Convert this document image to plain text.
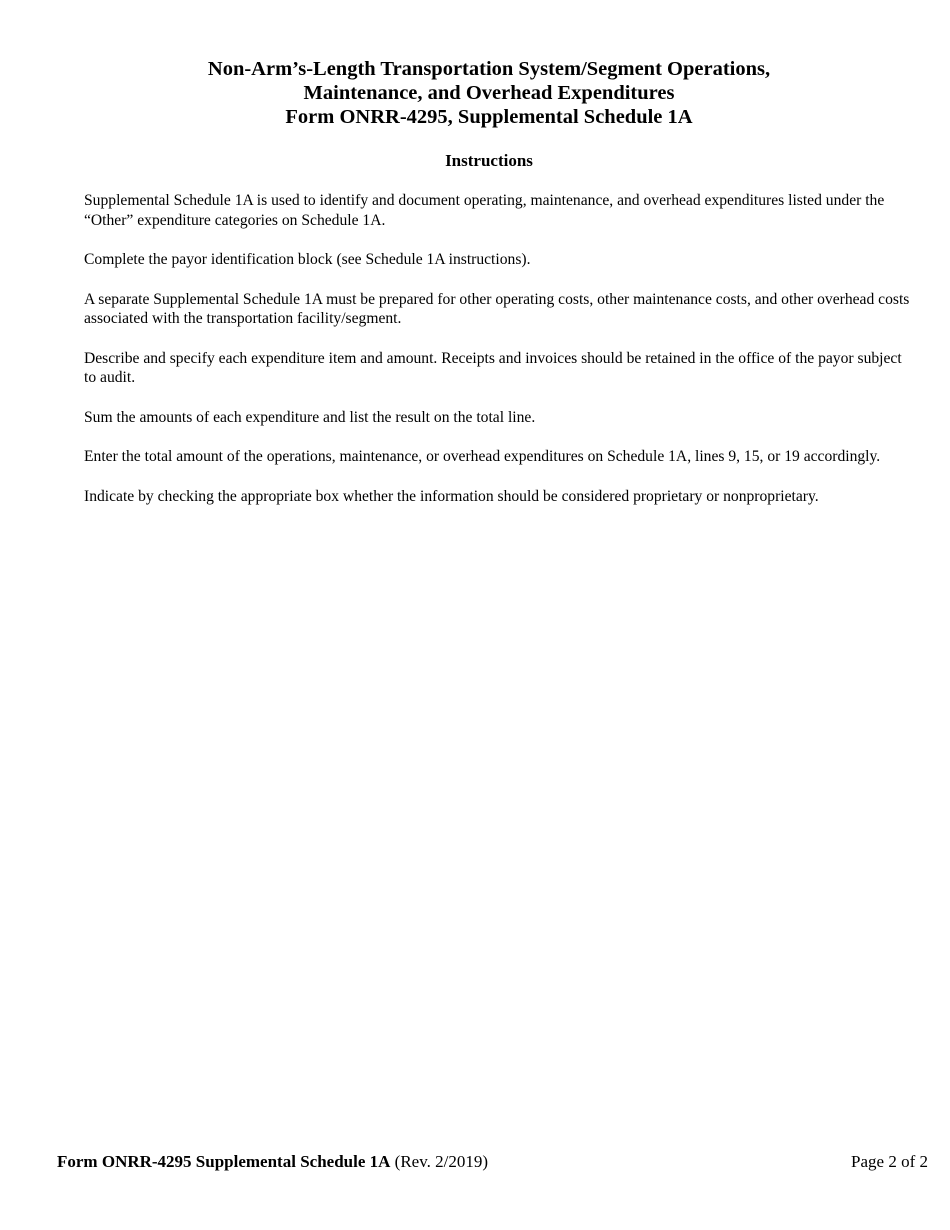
Non-Arm’s-Length Transportation System/Segment Operations,
Maintenance, and Overhead Expenditures
Form ONRR-4295, Supplemental Schedule 1A
Instructions

Supplemental Schedule 1A is used to identify and document operating, maintenance, and overhead expenditures listed under the “Other” expenditure categories on Schedule 1A.

Complete the payor identification block (see Schedule 1A instructions).

A separate Supplemental Schedule 1A must be prepared for other operating costs, other maintenance costs, and other overhead costs associated with the transportation facility/segment.

Describe and specify each expenditure item and amount. Receipts and invoices should be retained in the office of the payor subject to audit.

Sum the amounts of each expenditure and list the result on the total line.

Enter the total amount of the operations, maintenance, or overhead expenditures on Schedule 1A, lines 9, 15, or 19 accordingly.

Indicate by checking the appropriate box whether the information should be considered proprietary or nonproprietary.

Form ONRR-4295 Supplemental Schedule 1A (Rev. 2/2019)	Page 2 of 2
